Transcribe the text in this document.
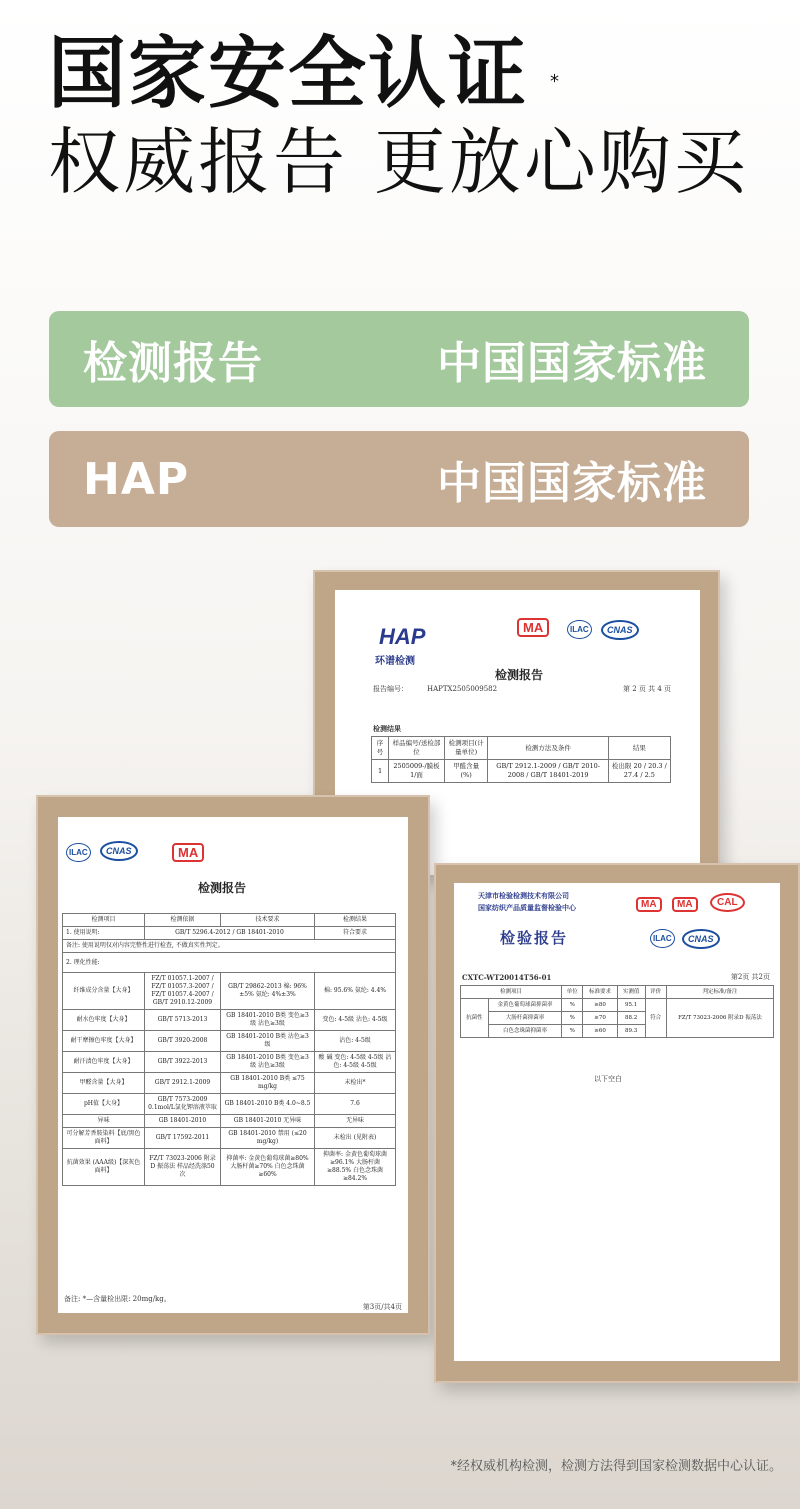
国家安全认证 *
权威报告 更放心购买
检测报告	中国国家标准
HAP	中国国家标准
HAP
环谱检测
MA	ILAC	CNAS
检测报告
报告编号：	HAPTX2505009582	第 2 页 共 4 页
检测结果
序号	样品编号/送检部位	检测项目(计量单位)	检测方法及条件	结果
1	2505009-/膜板 1/面	甲醛含量(%)	GB/T 2912.1-2009 / GB/T 2010-2008 / GB/T 18401-2019	检出限 20 / 20.3 / 27.4 / 2.5
ILAC	CNAS	MA
检测报告
检测项目	检测依据	技术要求	检测结果
1. 使用说明:	GB/T 5296.4-2012 / GB 18401-2010		符合要求
备注: 使用说明仅对内容完整性进行检查, 不做真实性判定。			
2. 理化性能:			
纤维成分含量【大身】	FZ/T 01057.1-2007 / FZ/T 01057.3-2007 / FZ/T 01057.4-2007 / GB/T 2910.12-2009	GB/T 29862-2013 棉: 96%±5% 氨纶: 4%±3%	棉: 95.6% 氨纶: 4.4%
耐水色牢度【大身】	GB/T 5713-2013	GB 18401-2010 B类 变色≥3级 沾色≥3级	变色: 4-5级 沾色: 4-5级
耐干摩擦色牢度【大身】	GB/T 3920-2008	GB 18401-2010 B类 沾色≥3级	沾色: 4-5级
耐汗渍色牢度【大身】	GB/T 3922-2013	GB 18401-2010 B类 变色≥3级 沾色≥3级	酸 碱 变色: 4-5级 4-5级 沾色: 4-5级 4-5级
甲醛含量【大身】	GB/T 2912.1-2009	GB 18401-2010 B类 ≤75 mg/kg	未检出*
pH值【大身】	GB/T 7573-2009 0.1mol/L氯化钾溶液萃取	GB 18401-2010 B类 4.0~8.5	7.6
异味	GB 18401-2010	GB 18401-2010 无异味	无异味
可分解芳香胺染料【底/黑色面料】	GB/T 17592-2011	GB 18401-2010 禁用 (≤20 mg/kg)	未检出 (见附表)
抗菌效果 (AAA级)【深灰色面料】	FZ/T 73023-2006 附录D 振荡法 样品经洗涤50次	抑菌率: 金黄色葡萄球菌≥80% 大肠杆菌≥70% 白色念珠菌≥60%	抑菌率: 金黄色葡萄球菌≥96.1% 大肠杆菌≥88.5% 白色念珠菌≥84.2%
备注: *—含量检出限: 20mg/kg。
第3页/共4页
天津市检验检测技术有限公司
国家纺织产品质量监督检验中心	MA	MA	CAL
检验报告	ILAC	CNAS
CXTC-WT20014T56-01	第2页 共2页
检测项目		单位	标准要求	实测值	评价	判定标准/备注
抗菌性	金黄色葡萄球菌抑菌率	%	≥80	95.1	符合	FZ/T 73023-2006 附录D 振荡法
	大肠杆菌抑菌率	%	≥70	88.2		
	白色念珠菌抑菌率	%	≥60	89.3		
以下空白
*经权威机构检测，检测方法得到国家检测数据中心认证。
